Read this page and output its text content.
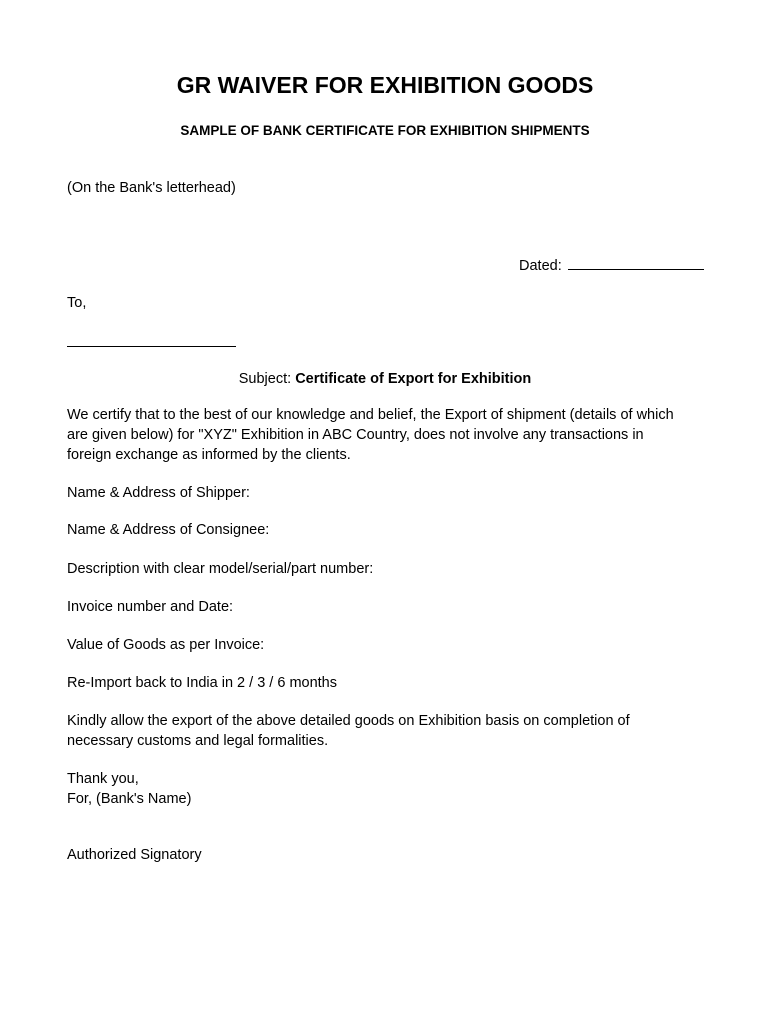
GR WAIVER FOR EXHIBITION GOODS
SAMPLE OF BANK CERTIFICATE FOR EXHIBITION SHIPMENTS
(On the Bank's letterhead)
Dated:
To,
Subject: Certificate of Export for Exhibition
We certify that to the best of our knowledge and belief, the Export of shipment (details of which
are given below) for "XYZ" Exhibition in ABC Country, does not involve any transactions in
foreign exchange as informed by the clients.
Name & Address of Shipper:
Name & Address of Consignee:
Description with clear model/serial/part number:
Invoice number and Date:
Value of Goods as per Invoice:
Re-Import back to India in 2 / 3 / 6 months
Kindly allow the export of the above detailed goods on Exhibition basis on completion of
necessary customs and legal formalities.
Thank you,
For, (Bank's Name)
Authorized Signatory
